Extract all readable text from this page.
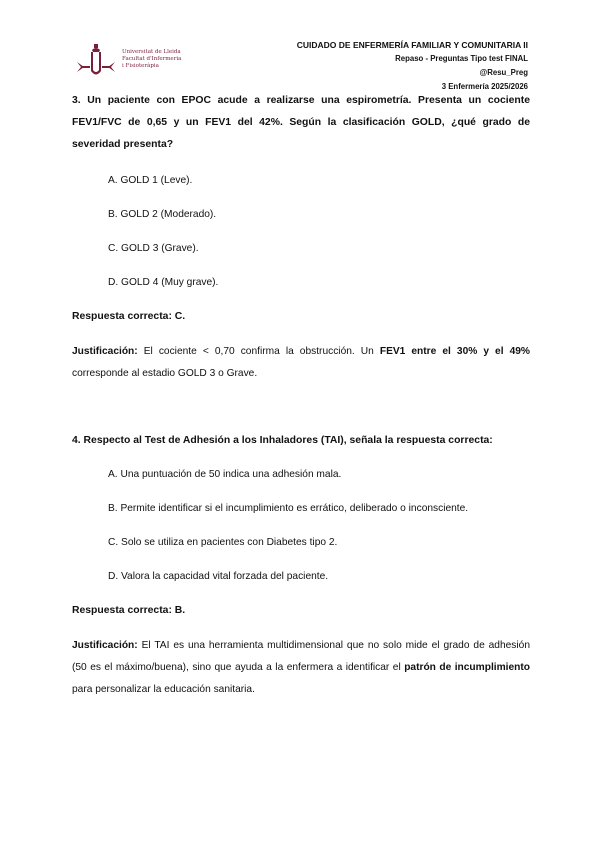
Universitat de Lleida
Facultat d'Infermeria
i Fisioteràpia
CUIDADO DE ENFERMERÍA FAMILIAR Y COMUNITARIA II
Repaso - Preguntas Tipo test FINAL
@Resu_Preg
3 Enfermería 2025/2026
3. Un paciente con EPOC acude a realizarse una espirometría. Presenta un cociente FEV1/FVC de 0,65 y un FEV1 del 42%. Según la clasificación GOLD, ¿qué grado de severidad presenta?
A. GOLD 1 (Leve).
B. GOLD 2 (Moderado).
C. GOLD 3 (Grave).
D. GOLD 4 (Muy grave).
Respuesta correcta: C.
Justificación: El cociente < 0,70 confirma la obstrucción. Un FEV1 entre el 30% y el 49% corresponde al estadio GOLD 3 o Grave.
4. Respecto al Test de Adhesión a los Inhaladores (TAI), señala la respuesta correcta:
A. Una puntuación de 50 indica una adhesión mala.
B. Permite identificar si el incumplimiento es errático, deliberado o inconsciente.
C. Solo se utiliza en pacientes con Diabetes tipo 2.
D. Valora la capacidad vital forzada del paciente.
Respuesta correcta: B.
Justificación: El TAI es una herramienta multidimensional que no solo mide el grado de adhesión (50 es el máximo/buena), sino que ayuda a la enfermera a identificar el patrón de incumplimiento para personalizar la educación sanitaria.
